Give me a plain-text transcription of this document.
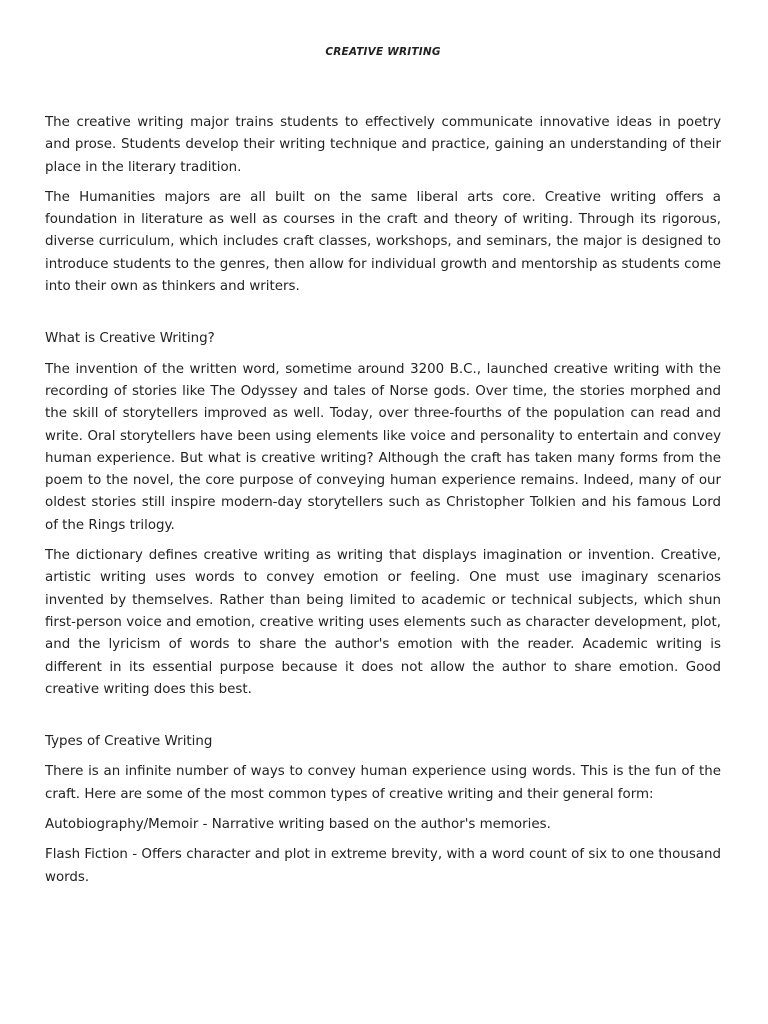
CREATIVE WRITING

The creative writing major trains students to effectively communicate innovative ideas in poetry and prose. Students develop their writing technique and practice, gaining an understanding of their place in the literary tradition.

The Humanities majors are all built on the same liberal arts core. Creative writing offers a foundation in literature as well as courses in the craft and theory of writing. Through its rigorous, diverse curriculum, which includes craft classes, workshops, and seminars, the major is designed to introduce students to the genres, then allow for individual growth and mentorship as students come into their own as thinkers and writers.

What is Creative Writing?

The invention of the written word, sometime around 3200 B.C., launched creative writing with the recording of stories like The Odyssey and tales of Norse gods. Over time, the stories morphed and the skill of storytellers improved as well. Today, over three-fourths of the population can read and write. Oral storytellers have been using elements like voice and personality to entertain and convey human experience. But what is creative writing? Although the craft has taken many forms from the poem to the novel, the core purpose of conveying human experience remains. Indeed, many of our oldest stories still inspire modern-day storytellers such as Christopher Tolkien and his famous Lord of the Rings trilogy.

The dictionary defines creative writing as writing that displays imagination or invention. Creative, artistic writing uses words to convey emotion or feeling. One must use imaginary scenarios invented by themselves. Rather than being limited to academic or technical subjects, which shun first-person voice and emotion, creative writing uses elements such as character development, plot, and the lyricism of words to share the author's emotion with the reader. Academic writing is different in its essential purpose because it does not allow the author to share emotion. Good creative writing does this best.

Types of Creative Writing

There is an infinite number of ways to convey human experience using words. This is the fun of the craft. Here are some of the most common types of creative writing and their general form:

Autobiography/Memoir - Narrative writing based on the author's memories.

Flash Fiction - Offers character and plot in extreme brevity, with a word count of six to one thousand words.
